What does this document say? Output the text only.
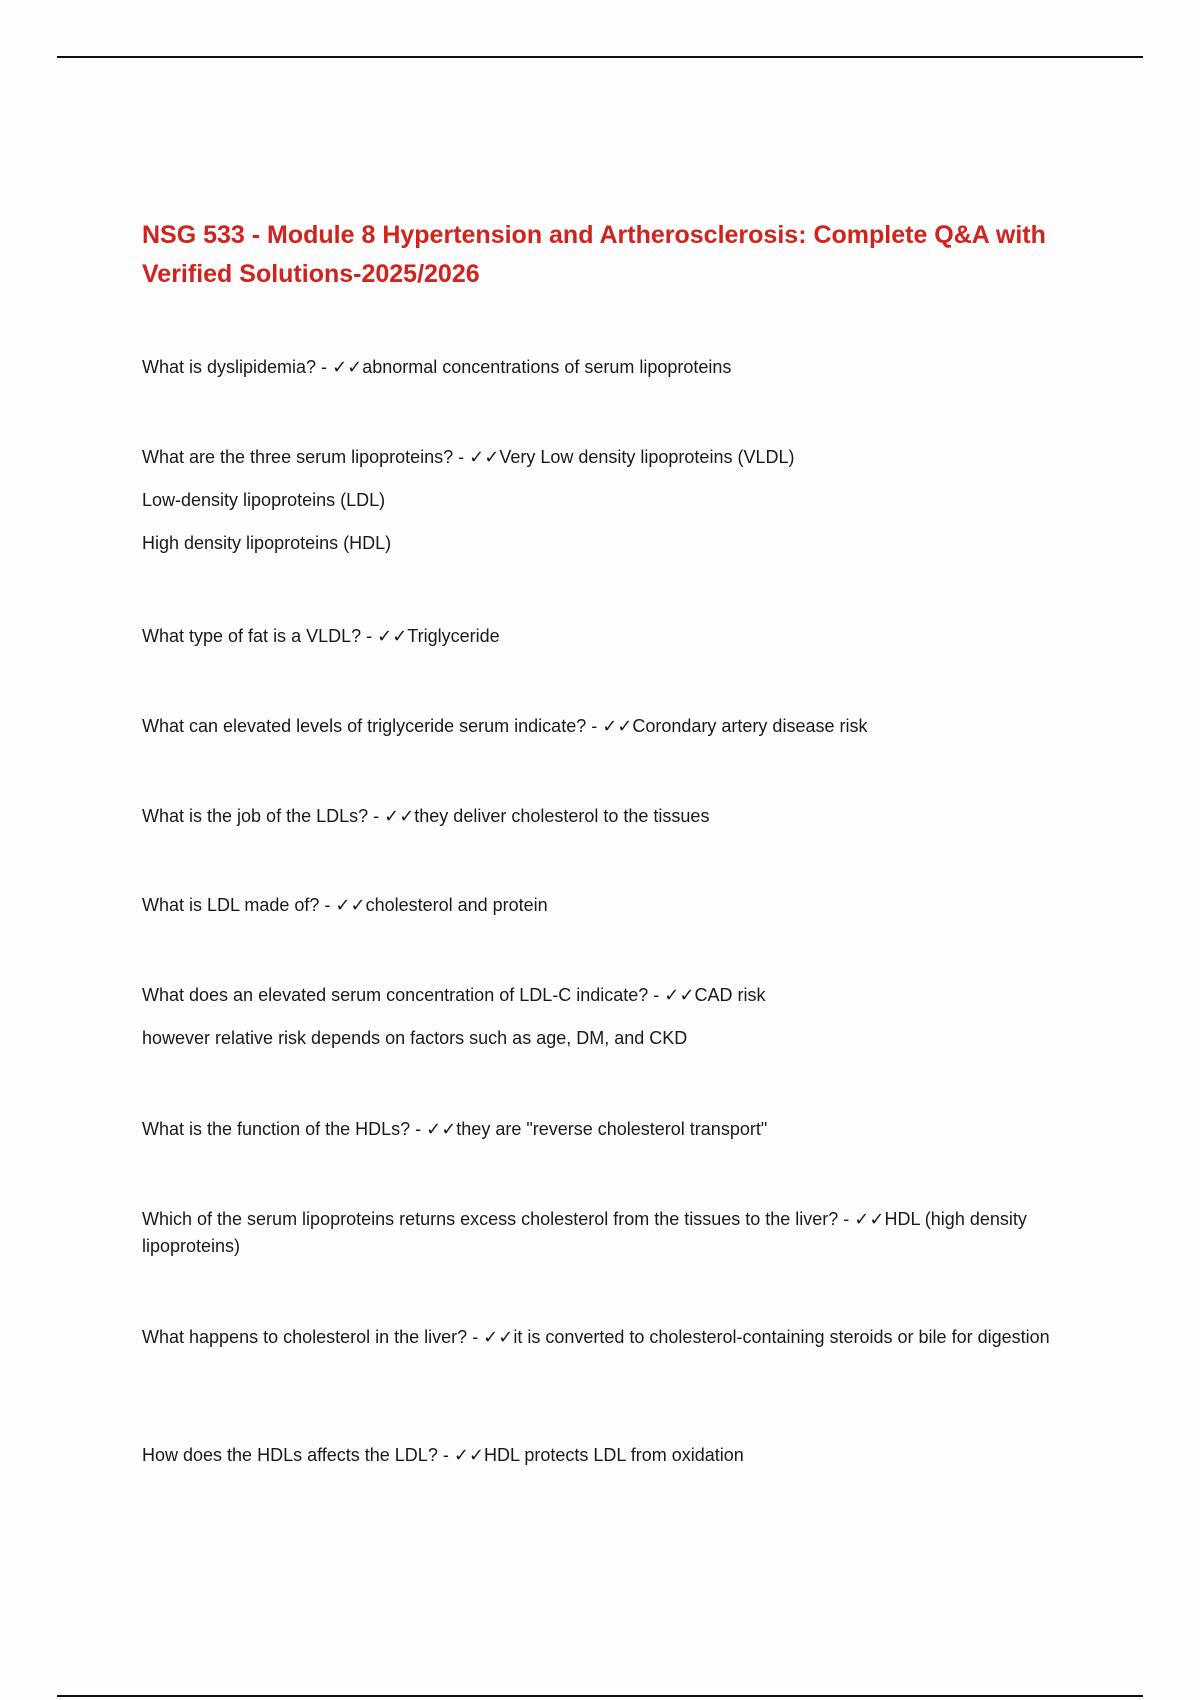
NSG 533 - Module 8 Hypertension and Artherosclerosis: Complete Q&A with Verified Solutions-2025/2026

What is dyslipidemia? - ✓✓abnormal concentrations of serum lipoproteins

What are the three serum lipoproteins? - ✓✓Very Low density lipoproteins (VLDL)

Low-density lipoproteins (LDL)

High density lipoproteins (HDL)

What type of fat is a VLDL? - ✓✓Triglyceride

What can elevated levels of triglyceride serum indicate? - ✓✓Corondary artery disease risk

What is the job of the LDLs? - ✓✓they deliver cholesterol to the tissues

What is LDL made of? - ✓✓cholesterol and protein

What does an elevated serum concentration of LDL-C indicate? - ✓✓CAD risk

however relative risk depends on factors such as age, DM, and CKD

What is the function of the HDLs? - ✓✓they are "reverse cholesterol transport"

Which of the serum lipoproteins returns excess cholesterol from the tissues to the liver? - ✓✓HDL (high density lipoproteins)

What happens to cholesterol in the liver? - ✓✓it is converted to cholesterol-containing steroids or bile for digestion

How does the HDLs affects the LDL? - ✓✓HDL protects LDL from oxidation
